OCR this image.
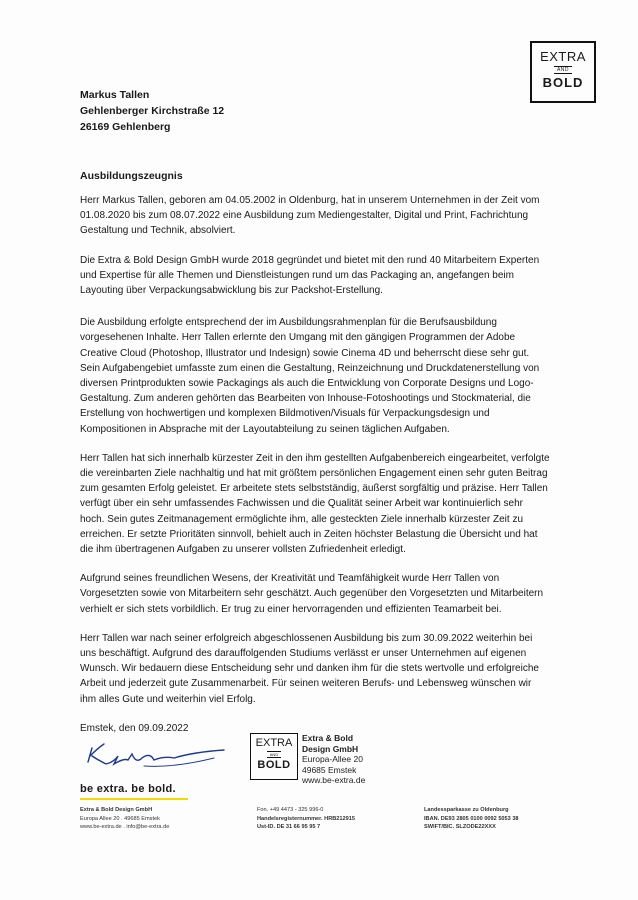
EXTRA
AND
BOLD
Markus Tallen
Gehlenberger Kirchstraße 12
26169 Gehlenberg
Ausbildungszeugnis

Herr Markus Tallen, geboren am 04.05.2002 in Oldenburg, hat in unserem Unternehmen in der Zeit vom 01.08.2020 bis zum 08.07.2022 eine Ausbildung zum Mediengestalter, Digital und Print, Fachrichtung Gestaltung und Technik, absolviert.

Die Extra & Bold Design GmbH wurde 2018 gegründet und bietet mit den rund 40 Mitarbeitern Experten und Expertise für alle Themen und Dienstleistungen rund um das Packaging an, angefangen beim Layouting über Verpackungsabwicklung bis zur Packshot-Erstellung.

Die Ausbildung erfolgte entsprechend der im Ausbildungsrahmenplan für die Berufsausbildung vorgesehenen Inhalte. Herr Tallen erlernte den Umgang mit den gängigen Programmen der Adobe Creative Cloud (Photoshop, Illustrator und Indesign) sowie Cinema 4D und beherrscht diese sehr gut. Sein Aufgabengebiet umfasste zum einen die Gestaltung, Reinzeichnung und Druckdatenerstellung von diversen Printprodukten sowie Packagings als auch die Entwicklung von Corporate Designs und Logo-Gestaltung. Zum anderen gehörten das Bearbeiten von Inhouse-Fotoshootings und Stockmaterial, die Erstellung von hochwertigen und komplexen Bildmotiven/Visuals für Verpackungsdesign und Kompositionen in Absprache mit der Layoutabteilung zu seinen täglichen Aufgaben.

Herr Tallen hat sich innerhalb kürzester Zeit in den ihm gestellten Aufgabenbereich eingearbeitet, verfolgte die vereinbarten Ziele nachhaltig und hat mit größtem persönlichen Engagement einen sehr guten Beitrag zum gesamten Erfolg geleistet. Er arbeitete stets selbstständig, äußerst sorgfältig und präzise. Herr Tallen verfügt über ein sehr umfassendes Fachwissen und die Qualität seiner Arbeit war kontinuierlich sehr hoch. Sein gutes Zeitmanagement ermöglichte ihm, alle gesteckten Ziele innerhalb kürzester Zeit zu erreichen. Er setzte Prioritäten sinnvoll, behielt auch in Zeiten höchster Belastung die Übersicht und hat die ihm übertragenen Aufgaben zu unserer vollsten Zufriedenheit erledigt.

Aufgrund seines freundlichen Wesens, der Kreativität und Teamfähigkeit wurde Herr Tallen von Vorgesetzten sowie von Mitarbeitern sehr geschätzt. Auch gegenüber den Vorgesetzten und Mitarbeitern verhielt er sich stets vorbildlich. Er trug zu einer hervorragenden und effizienten Teamarbeit bei.

Herr Tallen war nach seiner erfolgreich abgeschlossenen Ausbildung bis zum 30.09.2022 weiterhin bei uns beschäftigt. Aufgrund des darauffolgenden Studiums verlässt er unser Unternehmen auf eigenen Wunsch. Wir bedauern diese Entscheidung sehr und danken ihm für die stets wertvolle und erfolgreiche Arbeit und jederzeit gute Zusammenarbeit. Für seinen weiteren Berufs- und Lebensweg wünschen wir ihm alles Gute und weiterhin viel Erfolg.

Emstek, den 09.09.2022

EXTRA
AND
BOLD
Extra & Bold
Design GmbH
Europa-Allee 20
49685 Emstek
www.be-extra.de
be extra. be bold.
Extra & Bold Design GmbH
Europa Allee 20 . 49685 Emstek
www.be-extra.de . info@be-extra.de
Fon. +49 4473 - 325 996-0
Handelsregisternummer. HRB212915
Ust-ID. DE 31 66 95 95 7
Landessparkasse zu Oldenburg
IBAN. DE93 2805 0100 0092 5053 38
SWIFT/BIC. SLZODE22XXX
